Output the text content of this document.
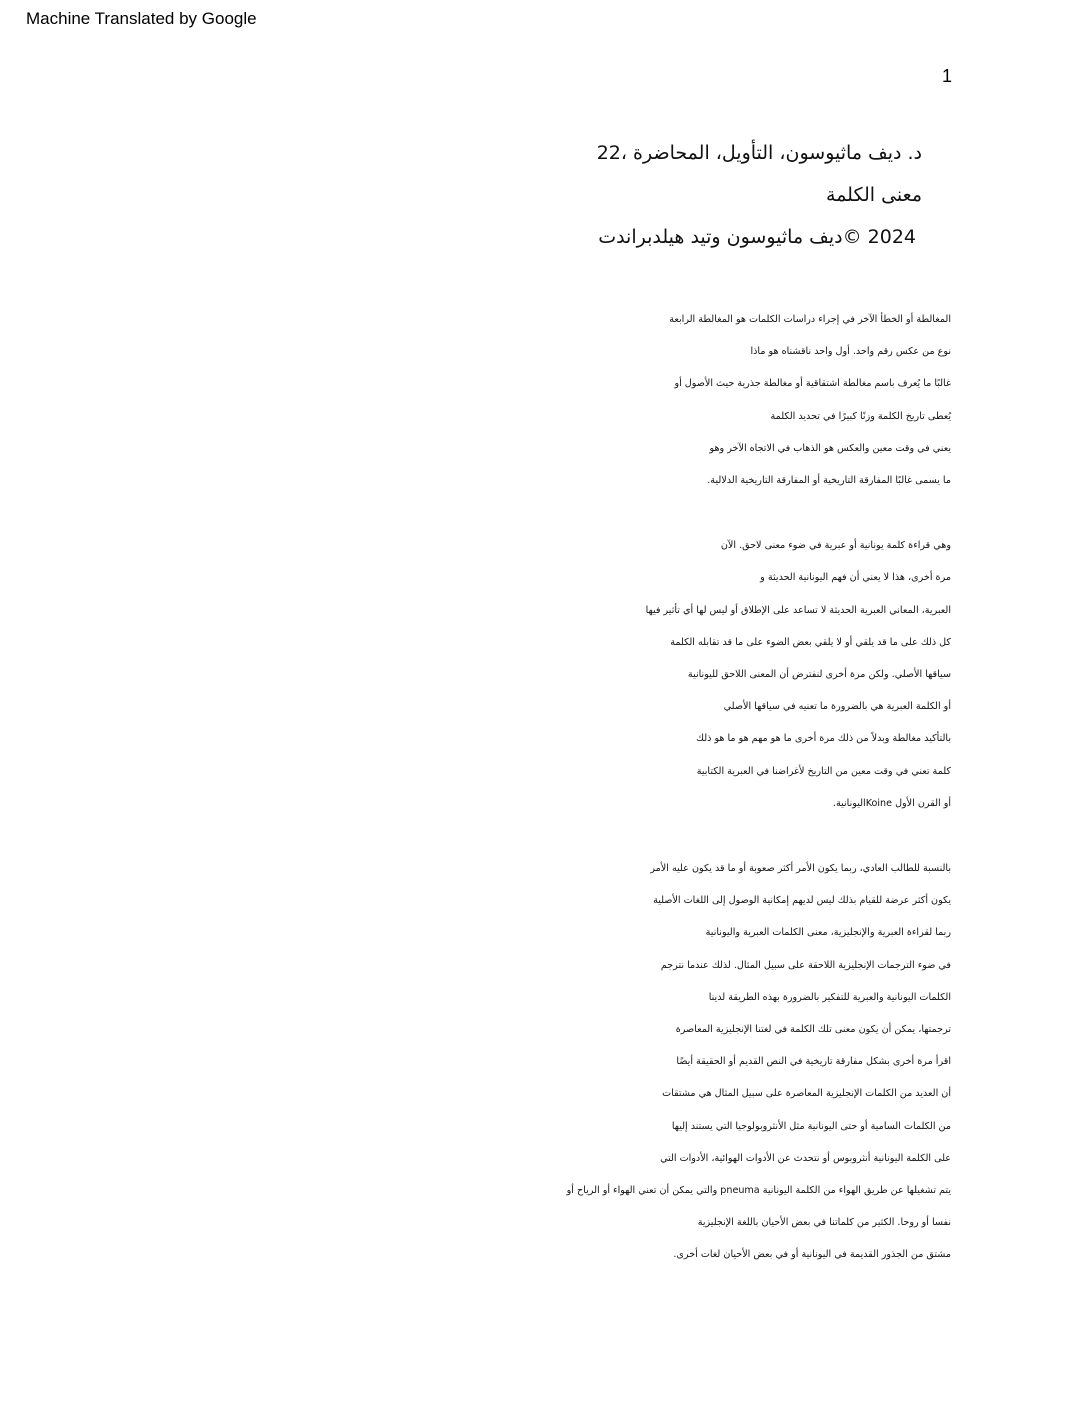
Machine Translated by Google
1

د. ديف ماثيوسون، التأويل، المحاضرة ،22

معنى الكلمة

2024 ©ديف ماثيوسون وتيد هيلدبراندت

المغالطة أو الخطأ الآخر في إجراء دراسات الكلمات هو المغالطة الرابعة
نوع من عكس رقم واحد. أول واحد ناقشناه هو ماذا
غالبًا ما يُعرف باسم مغالطة اشتقاقية أو مغالطة جذرية حيث الأصول أو
يُعطى تاريخ الكلمة وزنًا كبيرًا في تحديد الكلمة
يعني في وقت معين والعكس هو الذهاب في الاتجاه الآخر وهو
ما يسمى غالبًا المفارقة التاريخية أو المفارقة التاريخية الدلالية.
وهي قراءة كلمة يونانية أو عبرية في ضوء معنى لاحق. الآن
مرة أخرى، هذا لا يعني أن فهم اليونانية الحديثة و
العبرية، المعاني العبرية الحديثة لا تساعد على الإطلاق أو ليس لها أي تأثير فيها
كل ذلك على ما قد يلقي أو لا يلقي بعض الضوء على ما قد تقابله الكلمة
سياقها الأصلي. ولكن مرة أخرى لنفترض أن المعنى اللاحق لليونانية
أو الكلمة العبرية هي بالضرورة ما تعنيه في سياقها الأصلي
بالتأكيد مغالطة وبدلاً من ذلك مرة أخرى ما هو مهم هو ما هو ذلك
كلمة تعني في وقت معين من التاريخ لأغراضنا في العبرية الكتابية
أو القرن الأول Koineاليونانية.
بالنسبة للطالب العادي، ربما يكون الأمر أكثر صعوبة أو ما قد يكون عليه الأمر
يكون أكثر عرضة للقيام بذلك ليس لديهم إمكانية الوصول إلى اللغات الأصلية
ربما لقراءة العبرية والإنجليزية، معنى الكلمات العبرية واليونانية
في ضوء الترجمات الإنجليزية اللاحقة على سبيل المثال. لذلك عندما نترجم
الكلمات اليونانية والعبرية للتفكير بالضرورة بهذه الطريقة لدينا
ترجمتها، يمكن أن يكون معنى تلك الكلمة في لغتنا الإنجليزية المعاصرة
اقرأ مرة أخرى بشكل مفارقة تاريخية في النص القديم أو الحقيقة أيضًا
أن العديد من الكلمات الإنجليزية المعاصرة على سبيل المثال هي مشتقات
من الكلمات السامية أو حتى اليونانية مثل الأنثروبولوجيا التي يستند إليها
على الكلمة اليونانية أنثروبوس أو نتحدث عن الأدوات الهوائية، الأدوات التي
يتم تشغيلها عن طريق الهواء من الكلمة اليونانية pneuma والتي يمكن أن تعني الهواء أو الرياح أو
نفسا أو روحا. الكثير من كلماتنا في بعض الأحيان باللغة الإنجليزية
مشتق من الجذور القديمة في اليونانية أو في بعض الأحيان لغات أخرى.
